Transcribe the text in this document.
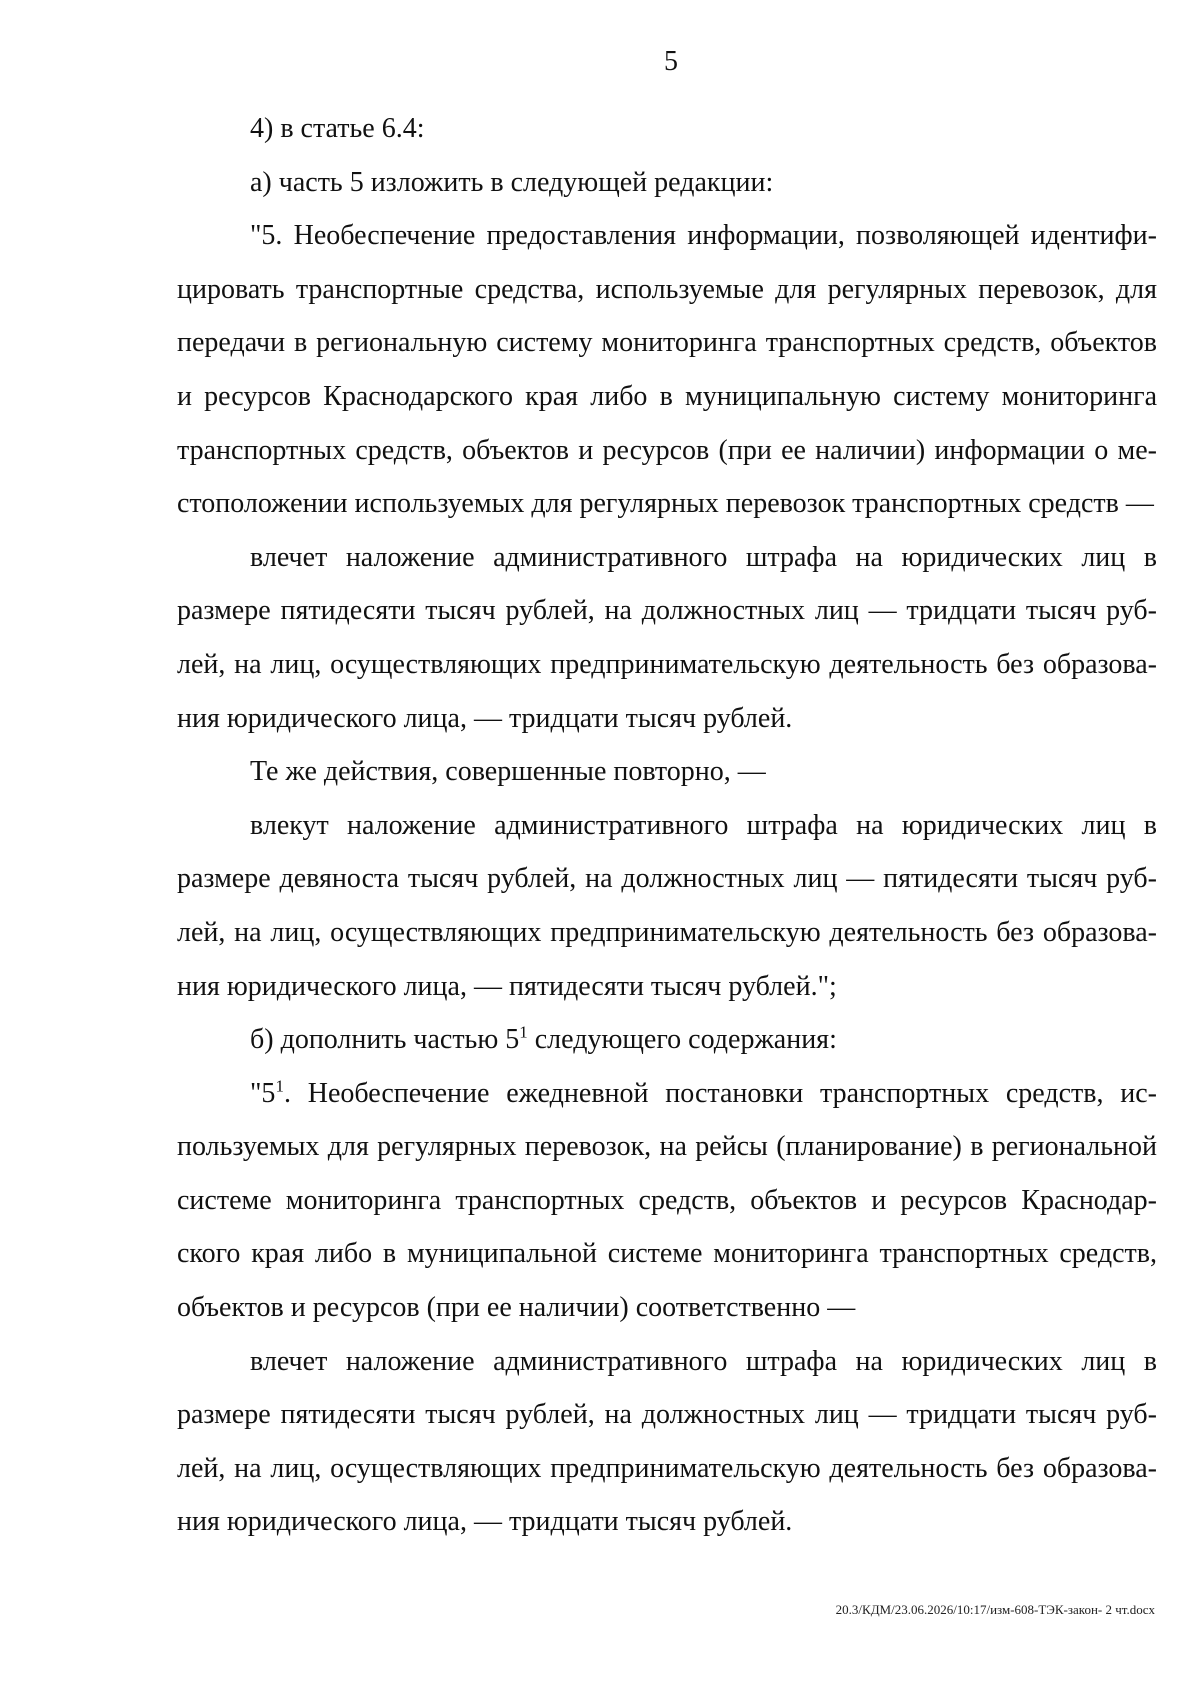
5

4) в статье 6.4:

а) часть 5 изложить в следующей редакции:

"5. Необеспечение предоставления информации, позволяющей идентифицировать транспортные средства, используемые для регулярных перевозок, для передачи в региональную систему мониторинга транспортных средств, объектов и ресурсов Краснодарского края либо в муниципальную систему мониторинга транспортных средств, объектов и ресурсов (при ее наличии) информации о местоположении используемых для регулярных перевозок транспортных средств —

влечет наложение административного штрафа на юридических лиц в размере пятидесяти тысяч рублей, на должностных лиц — тридцати тысяч рублей, на лиц, осуществляющих предпринимательскую деятельность без образования юридического лица, — тридцати тысяч рублей.

Те же действия, совершенные повторно, —

влекут наложение административного штрафа на юридических лиц в размере девяноста тысяч рублей, на должностных лиц — пятидесяти тысяч рублей, на лиц, осуществляющих предпринимательскую деятельность без образования юридического лица, — пятидесяти тысяч рублей.";

б) дополнить частью $5^1$ следующего содержания:

"$5^1$. Необеспечение ежедневной постановки транспортных средств, используемых для регулярных перевозок, на рейсы (планирование) в региональной системе мониторинга транспортных средств, объектов и ресурсов Краснодарского края либо в муниципальной системе мониторинга транспортных средств, объектов и ресурсов (при ее наличии) соответственно —

влечет наложение административного штрафа на юридических лиц в размере пятидесяти тысяч рублей, на должностных лиц — тридцати тысяч рублей, на лиц, осуществляющих предпринимательскую деятельность без образования юридического лица, — тридцати тысяч рублей.

20.3/КДМ/23.06.2026/10:17/изм-608-ТЭК-закон- 2 чт.docx
